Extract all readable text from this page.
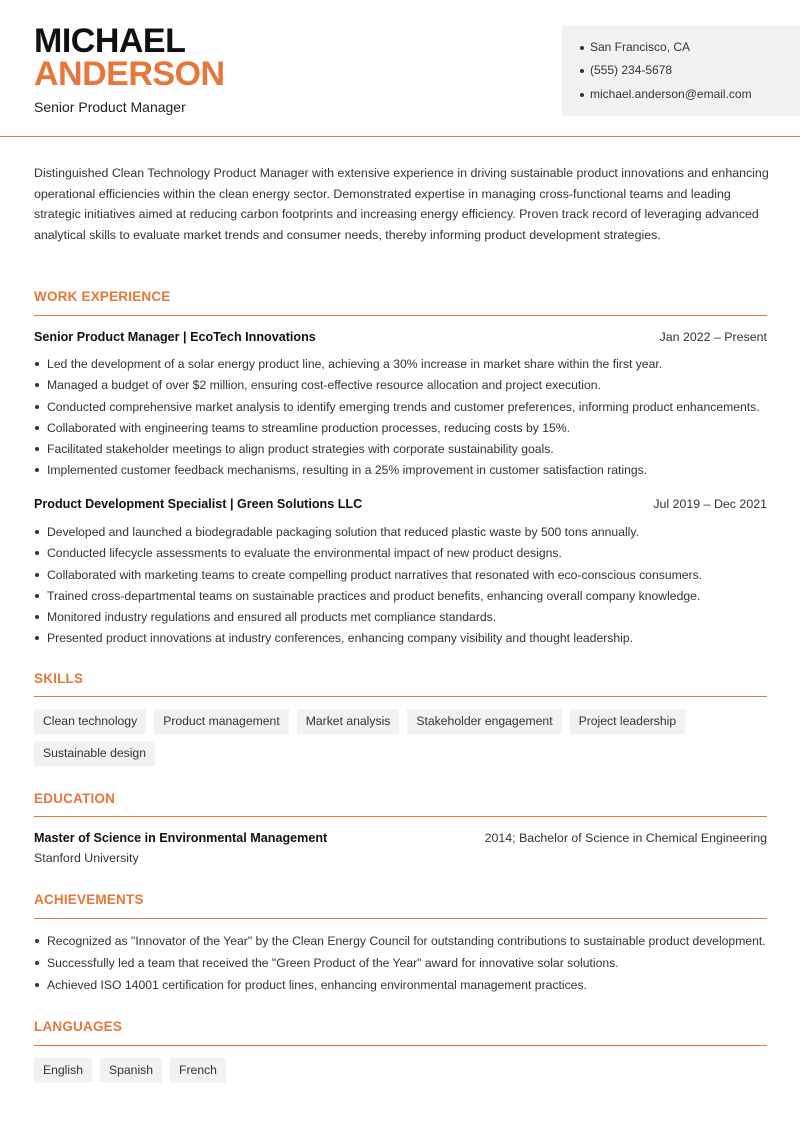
MICHAEL
ANDERSON
Senior Product Manager
San Francisco, CA
(555) 234-5678
michael.anderson@email.com

Distinguished Clean Technology Product Manager with extensive experience in driving sustainable product innovations and enhancing operational efficiencies within the clean energy sector. Demonstrated expertise in managing cross-functional teams and leading strategic initiatives aimed at reducing carbon footprints and increasing energy efficiency. Proven track record of leveraging advanced analytical skills to evaluate market trends and consumer needs, thereby informing product development strategies.

WORK EXPERIENCE
Senior Product Manager | EcoTech Innovations	Jan 2022 – Present
Led the development of a solar energy product line, achieving a 30% increase in market share within the first year.
Managed a budget of over $2 million, ensuring cost-effective resource allocation and project execution.
Conducted comprehensive market analysis to identify emerging trends and customer preferences, informing product enhancements.
Collaborated with engineering teams to streamline production processes, reducing costs by 15%.
Facilitated stakeholder meetings to align product strategies with corporate sustainability goals.
Implemented customer feedback mechanisms, resulting in a 25% improvement in customer satisfaction ratings.
Product Development Specialist | Green Solutions LLC	Jul 2019 – Dec 2021
Developed and launched a biodegradable packaging solution that reduced plastic waste by 500 tons annually.
Conducted lifecycle assessments to evaluate the environmental impact of new product designs.
Collaborated with marketing teams to create compelling product narratives that resonated with eco-conscious consumers.
Trained cross-departmental teams on sustainable practices and product benefits, enhancing overall company knowledge.
Monitored industry regulations and ensured all products met compliance standards.
Presented product innovations at industry conferences, enhancing company visibility and thought leadership.
SKILLS
Clean technology	Product management	Market analysis	Stakeholder engagement	Project leadership
Sustainable design
EDUCATION
Master of Science in Environmental Management	2014; Bachelor of Science in Chemical Engineering
Stanford University
ACHIEVEMENTS
Recognized as "Innovator of the Year" by the Clean Energy Council for outstanding contributions to sustainable product development.
Successfully led a team that received the "Green Product of the Year" award for innovative solar solutions.
Achieved ISO 14001 certification for product lines, enhancing environmental management practices.
LANGUAGES
English	Spanish	French
